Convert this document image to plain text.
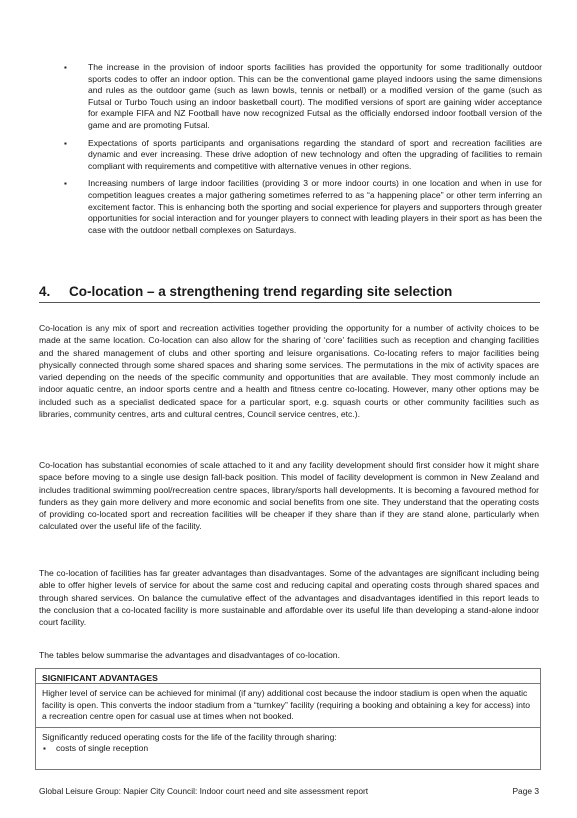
▪ The increase in the provision of indoor sports facilities has provided the opportunity for some traditionally outdoor sports codes to offer an indoor option. This can be the conventional game played indoors using the same dimensions and rules as the outdoor game (such as lawn bowls, tennis or netball) or a modified version of the game (such as Futsal or Turbo Touch using an indoor basketball court). The modified versions of sport are gaining wider acceptance for example FIFA and NZ Football have now recognized Futsal as the officially endorsed indoor football version of the game and are promoting Futsal.
▪ Expectations of sports participants and organisations regarding the standard of sport and recreation facilities are dynamic and ever increasing. These drive adoption of new technology and often the upgrading of facilities to remain compliant with requirements and competitive with alternative venues in other regions.
▪ Increasing numbers of large indoor facilities (providing 3 or more indoor courts) in one location and when in use for competition leagues creates a major gathering sometimes referred to as “a happening place” or other term inferring an excitement factor. This is enhancing both the sporting and social experience for players and supporters through greater opportunities for social interaction and for younger players to connect with leading players in their sport as has been the case with the outdoor netball complexes on Saturdays.
4. Co-location – a strengthening trend regarding site selection

Co-location is any mix of sport and recreation activities together providing the opportunity for a number of activity choices to be made at the same location. Co-location can also allow for the sharing of ‘core’ facilities such as reception and changing facilities and the shared management of clubs and other sporting and leisure organisations. Co-locating refers to major facilities being physically connected through some shared spaces and sharing some services. The permutations in the mix of activity spaces are varied depending on the needs of the specific community and opportunities that are available. They most commonly include an indoor aquatic centre, an indoor sports centre and a health and fitness centre co-locating. However, many other options may be included such as a specialist dedicated space for a particular sport, e.g. squash courts or other community facilities such as libraries, community centres, arts and cultural centres, Council service centres, etc.).

Co-location has substantial economies of scale attached to it and any facility development should first consider how it might share space before moving to a single use design fall-back position. This model of facility development is common in New Zealand and includes traditional swimming pool/recreation centre spaces, library/sports hall developments. It is becoming a favoured method for funders as they gain more delivery and more economic and social benefits from one site. They understand that the operating costs of providing co-located sport and recreation facilities will be cheaper if they share than if they are stand alone, particularly when calculated over the useful life of the facility.

The co-location of facilities has far greater advantages than disadvantages. Some of the advantages are significant including being able to offer higher levels of service for about the same cost and reducing capital and operating costs through shared spaces and through shared services. On balance the cumulative effect of the advantages and disadvantages identified in this report leads to the conclusion that a co-located facility is more sustainable and affordable over its useful life than developing a stand-alone indoor court facility.

The tables below summarise the advantages and disadvantages of co-location.

SIGNIFICANT ADVANTAGES
Higher level of service can be achieved for minimal (if any) additional cost because the indoor stadium is open when the aquatic facility is open. This converts the indoor stadium from a “turnkey” facility (requiring a booking and obtaining a key for access) into a recreation centre open for casual use at times when not booked.
Significantly reduced operating costs for the life of the facility through sharing:
▪ costs of single reception
Global Leisure Group: Napier City Council: Indoor court need and site assessment report	Page 3
